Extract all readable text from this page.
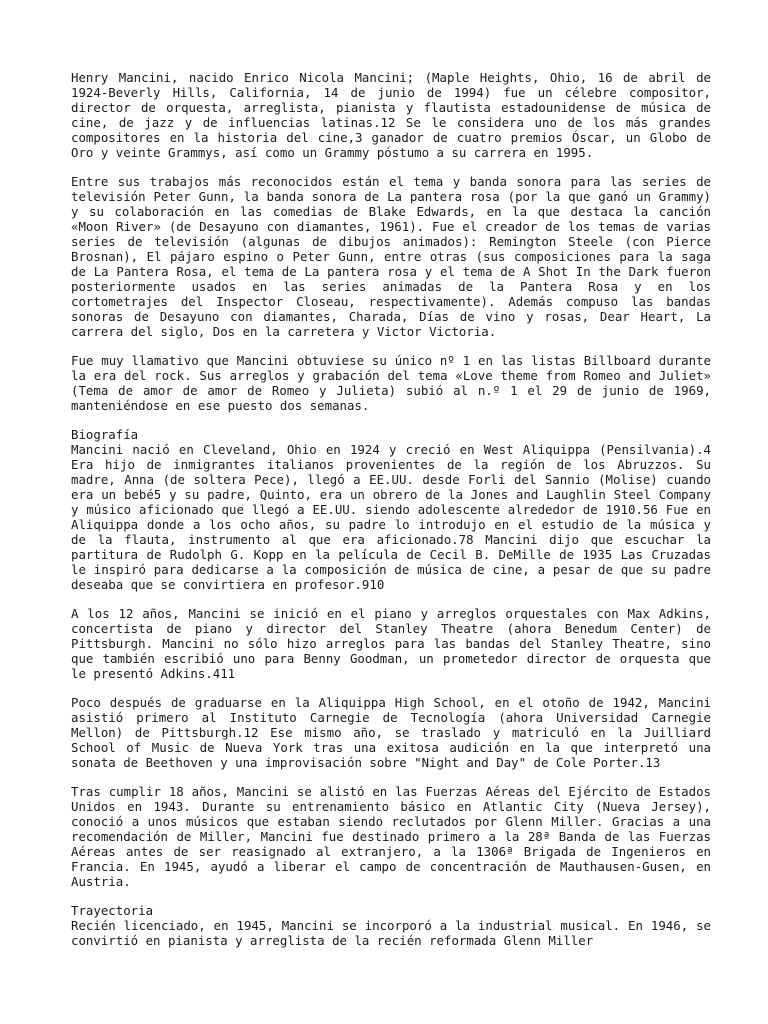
Henry Mancini, nacido Enrico Nicola Mancini; (Maple Heights, Ohio, 16 de abril de 1924-Beverly Hills, California, 14 de junio de 1994) fue un célebre compositor, director de orquesta, arreglista, pianista y flautista estadounidense de música de cine, de jazz y de influencias latinas.12 Se le considera uno de los más grandes compositores en la historia del cine,3 ganador de cuatro premios Óscar, un Globo de Oro y veinte Grammys, así como un Grammy póstumo a su carrera en 1995.

Entre sus trabajos más reconocidos están el tema y banda sonora para las series de televisión Peter Gunn, la banda sonora de La pantera rosa (por la que ganó un Grammy) y su colaboración en las comedias de Blake Edwards, en la que destaca la canción «Moon River» (de Desayuno con diamantes, 1961). Fue el creador de los temas de varias series de televisión (algunas de dibujos animados): Remington Steele (con Pierce Brosnan), El pájaro espino o Peter Gunn, entre otras (sus composiciones para la saga de La Pantera Rosa, el tema de La pantera rosa y el tema de A Shot In the Dark fueron posteriormente usados en las series animadas de la Pantera Rosa y en los cortometrajes del Inspector Closeau, respectivamente). Además compuso las bandas sonoras de Desayuno con diamantes, Charada, Días de vino y rosas, Dear Heart, La carrera del siglo, Dos en la carretera y Victor Victoria.

Fue muy llamativo que Mancini obtuviese su único nº 1 en las listas Billboard durante la era del rock. Sus arreglos y grabación del tema «Love theme from Romeo and Juliet» (Tema de amor de amor de Romeo y Julieta) subió al n.º 1 el 29 de junio de 1969, manteniéndose en ese puesto dos semanas.

Biografía

Mancini nació en Cleveland, Ohio en 1924 y creció en West Aliquippa (Pensilvania).4 Era hijo de inmigrantes italianos provenientes de la región de los Abruzzos. Su madre, Anna (de soltera Pece), llegó a EE.UU. desde Forli del Sannio (Molise) cuando era un bebé5 y su padre, Quinto, era un obrero de la Jones and Laughlin Steel Company y músico aficionado que llegó a EE.UU. siendo adolescente alrededor de 1910.56 Fue en Aliquippa donde a los ocho años, su padre lo introdujo en el estudio de la música y de la flauta, instrumento al que era aficionado.78 Mancini dijo que escuchar la partitura de Rudolph G. Kopp en la película de Cecil B. DeMille de 1935 Las Cruzadas le inspiró para dedicarse a la composición de música de cine, a pesar de que su padre deseaba que se convirtiera en profesor.910

A los 12 años, Mancini se inició en el piano y arreglos orquestales con Max Adkins, concertista de piano y director del Stanley Theatre (ahora Benedum Center) de Pittsburgh. Mancini no sólo hizo arreglos para las bandas del Stanley Theatre, sino que también escribió uno para Benny Goodman, un prometedor director de orquesta que le presentó Adkins.411

Poco después de graduarse en la Aliquippa High School, en el otoño de 1942, Mancini asistió primero al Instituto Carnegie de Tecnología (ahora Universidad Carnegie Mellon) de Pittsburgh.12 Ese mismo año, se traslado y matriculó en la Juilliard School of Music de Nueva York tras una exitosa audición en la que interpretó una sonata de Beethoven y una improvisación sobre "Night and Day" de Cole Porter.13

Tras cumplir 18 años, Mancini se alistó en las Fuerzas Aéreas del Ejército de Estados Unidos en 1943. Durante su entrenamiento básico en Atlantic City (Nueva Jersey), conoció a unos músicos que estaban siendo reclutados por Glenn Miller. Gracias a una recomendación de Miller, Mancini fue destinado primero a la 28ª Banda de las Fuerzas Aéreas antes de ser reasignado al extranjero, a la 1306ª Brigada de Ingenieros en Francia. En 1945, ayudó a liberar el campo de concentración de Mauthausen-Gusen, en Austria.

Trayectoria

Recién licenciado, en 1945, Mancini se incorporó a la industrial musical. En 1946, se convirtió en pianista y arreglista de la recién reformada Glenn Miller
